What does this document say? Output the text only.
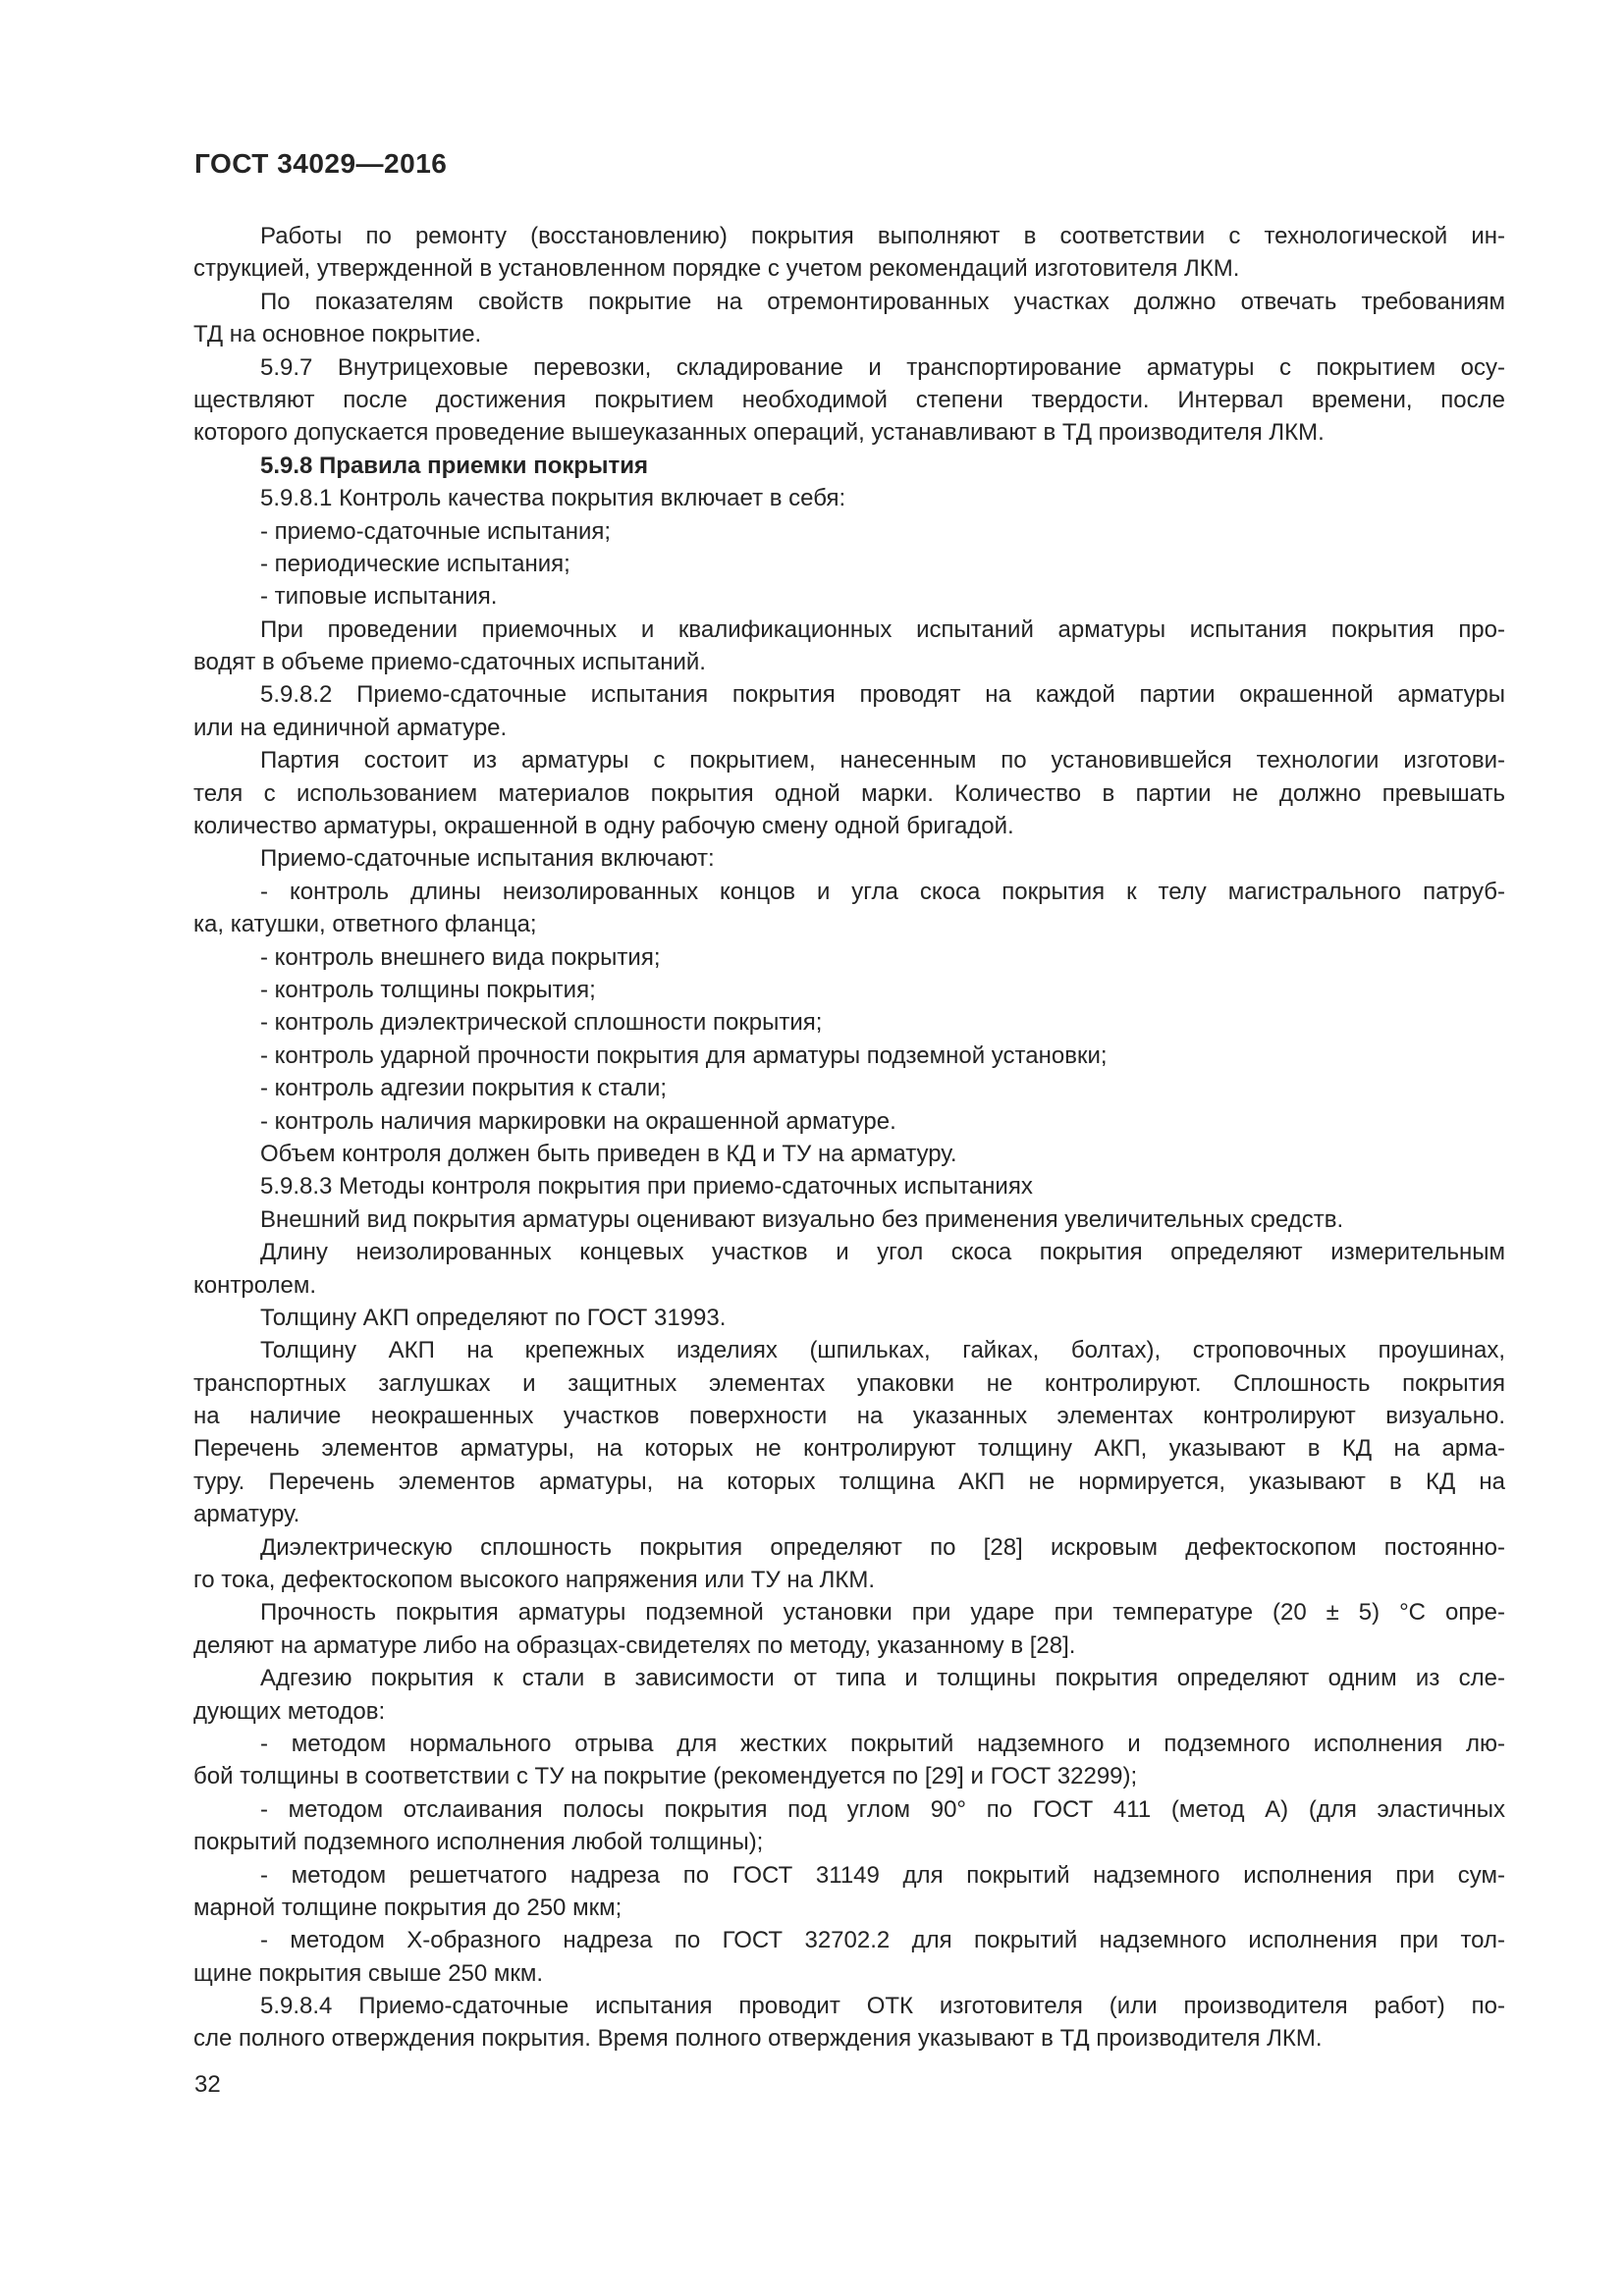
ГОСТ 34029—2016
Работы по ремонту (восстановлению) покрытия выполняют в соответствии с технологической ин-
струкцией, утвержденной в установленном порядке с учетом рекомендаций изготовителя ЛКМ.
По показателям свойств покрытие на отремонтированных участках должно отвечать требованиям
ТД на основное покрытие.
5.9.7 Внутрицеховые перевозки, складирование и транспортирование арматуры с покрытием осу-
ществляют после достижения покрытием необходимой степени твердости. Интервал времени, после
которого допускается проведение вышеуказанных операций, устанавливают в ТД производителя ЛКМ.
5.9.8 Правила приемки покрытия
5.9.8.1 Контроль качества покрытия включает в себя:
- приемо-сдаточные испытания;
- периодические испытания;
- типовые испытания.
При проведении приемочных и квалификационных испытаний арматуры испытания покрытия про-
водят в объеме приемо-сдаточных испытаний.
5.9.8.2 Приемо-сдаточные испытания покрытия проводят на каждой партии окрашенной арматуры
или на единичной арматуре.
Партия состоит из арматуры с покрытием, нанесенным по установившейся технологии изготови-
теля с использованием материалов покрытия одной марки. Количество в партии не должно превышать
количество арматуры, окрашенной в одну рабочую смену одной бригадой.
Приемо-сдаточные испытания включают:
- контроль длины неизолированных концов и угла скоса покрытия к телу магистрального патруб-
ка, катушки, ответного фланца;
- контроль внешнего вида покрытия;
- контроль толщины покрытия;
- контроль диэлектрической сплошности покрытия;
- контроль ударной прочности покрытия для арматуры подземной установки;
- контроль адгезии покрытия к стали;
- контроль наличия маркировки на окрашенной арматуре.
Объем контроля должен быть приведен в КД и ТУ на арматуру.
5.9.8.3 Методы контроля покрытия при приемо-сдаточных испытаниях
Внешний вид покрытия арматуры оценивают визуально без применения увеличительных средств.
Длину неизолированных концевых участков и угол скоса покрытия определяют измерительным
контролем.
Толщину АКП определяют по ГОСТ 31993.
Толщину АКП на крепежных изделиях (шпильках, гайках, болтах), строповочных проушинах,
транспортных заглушках и защитных элементах упаковки не контролируют. Сплошность покрытия
на наличие неокрашенных участков поверхности на указанных элементах контролируют визуально.
Перечень элементов арматуры, на которых не контролируют толщину АКП, указывают в КД на арма-
туру. Перечень элементов арматуры, на которых толщина АКП не нормируется, указывают в КД на
арматуру.
Диэлектрическую сплошность покрытия определяют по [28] искровым дефектоскопом постоянно-
го тока, дефектоскопом высокого напряжения или ТУ на ЛКМ.
Прочность покрытия арматуры подземной установки при ударе при температуре (20 ± 5) °С опре-
деляют на арматуре либо на образцах-свидетелях по методу, указанному в [28].
Адгезию покрытия к стали в зависимости от типа и толщины покрытия определяют одним из сле-
дующих методов:
- методом нормального отрыва для жестких покрытий надземного и подземного исполнения лю-
бой толщины в соответствии с ТУ на покрытие (рекомендуется по [29] и ГОСТ 32299);
- методом отслаивания полосы покрытия под углом 90° по ГОСТ 411 (метод А) (для эластичных
покрытий подземного исполнения любой толщины);
- методом решетчатого надреза по ГОСТ 31149 для покрытий надземного исполнения при сум-
марной толщине покрытия до 250 мкм;
- методом Х-образного надреза по ГОСТ 32702.2 для покрытий надземного исполнения при тол-
щине покрытия свыше 250 мкм.
5.9.8.4 Приемо-сдаточные испытания проводит ОТК изготовителя (или производителя работ) по-
сле полного отверждения покрытия. Время полного отверждения указывают в ТД производителя ЛКМ.
32
